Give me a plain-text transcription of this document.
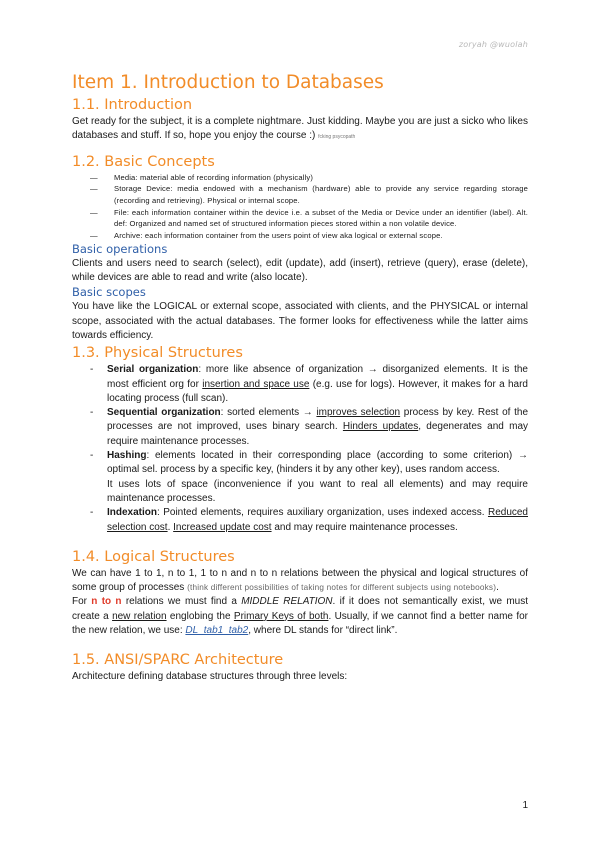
zoryah @wuolah
Item 1. Introduction to Databases
1.1. Introduction

Get ready for the subject, it is a complete nightmare. Just kidding. Maybe you are just a sicko who likes databases and stuff. If so, hope you enjoy the course :) fcking psycopath

1.2. Basic Concepts
— Media: material able of recording information (physically)
— Storage Device: media endowed with a mechanism (hardware) able to provide any service regarding storage (recording and retrieving). Physical or internal scope.
— File: each information container within the device i.e. a subset of the Media or Device under an identifier (label). Alt. def: Organized and named set of structured information pieces stored within a non volatile device.
— Archive: each information container from the users point of view aka logical or external scope.
Basic operations

Clients and users need to search (select), edit (update), add (insert), retrieve (query), erase (delete), while devices are able to read and write (also locate).

Basic scopes

You have like the LOGICAL or external scope, associated with clients, and the PHYSICAL or internal scope, associated with the actual databases. The former looks for effectiveness while the latter aims towards efficiency.

1.3. Physical Structures
- Serial organization: more like absence of organization → disorganized elements. It is the most efficient org for insertion and space use (e.g. use for logs). However, it makes for a hard locating process (full scan).
- Sequential organization: sorted elements → improves selection process by key. Rest of the processes are not improved, uses binary search. Hinders updates, degenerates and may require maintenance processes.
- Hashing: elements located in their corresponding place (according to some criterion) → optimal sel. process by a specific key, (hinders it by any other key), uses random access.
It uses lots of space (inconvenience if you want to real all elements) and may require maintenance processes.
- Indexation: Pointed elements, requires auxiliary organization, uses indexed access. Reduced selection cost. Increased update cost and may require maintenance processes.
1.4. Logical Structures

We can have 1 to 1, n to 1, 1 to n and n to n relations between the physical and logical structures of some group of processes (think different possibilities of taking notes for different subjects using notebooks).

For n to n relations we must find a MIDDLE RELATION. if it does not semantically exist, we must create a new relation englobing the Primary Keys of both. Usually, if we cannot find a better name for the new relation, we use: DL_tab1_tab2, where DL stands for “direct link”.

1.5. ANSI/SPARC Architecture

Architecture defining database structures through three levels:

1
